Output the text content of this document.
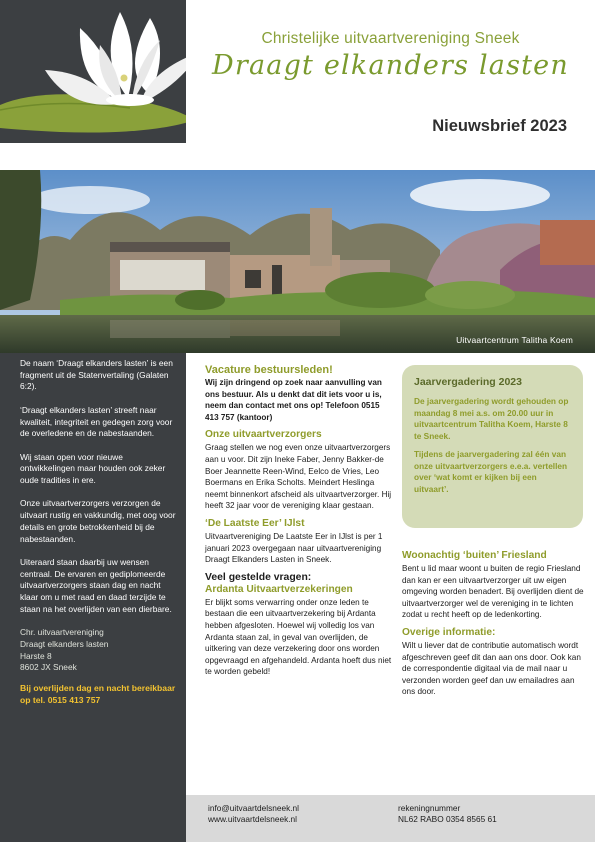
Christelijke uitvaartvereniging Sneek
Draagt elkanders lasten
Nieuwsbrief 2023
Uitvaartcentrum Talitha Koem

De naam ‘Draagt elkanders lasten’ is een fragment uit de Statenvertaling (Galaten 6:2).

‘Draagt elkanders lasten’ streeft naar kwaliteit, integriteit en gedegen zorg voor de overledene en de nabestaanden.

Wij staan open voor nieuwe ontwikkelingen maar houden ook zeker oude tradities in ere.

Onze uitvaartverzorgers verzorgen de uitvaart rustig en vakkundig, met oog voor details en grote betrokkenheid bij de nabestaanden.

Uiteraard staan daarbij uw wensen centraal. De ervaren en gediplomeerde uitvaartverzorgers staan dag en nacht klaar om u met raad en daad terzijde te staan na het overlijden van een dierbare.

Chr. uitvaartvereniging
Draagt elkanders lasten
Harste 8
8602 JX Sneek
Bij overlijden dag en nacht bereikbaar op tel. 0515 413 757
Vacature bestuursleden!
Wij zijn dringend op zoek naar aanvulling van ons bestuur. Als u denkt dat dit iets voor u is, neem dan contact met ons op! Telefoon 0515 413 757 (kantoor)
Onze uitvaartverzorgers
Graag stellen we nog even onze uitvaartverzorgers aan u voor. Dit zijn Ineke Faber, Jenny Bakker-de Boer Jeannette Reen-Wind, Eelco de Vries, Leo Boermans en Erika Scholts. Meindert Heslinga neemt binnenkort afscheid als uitvaartverzorger. Hij heeft 32 jaar voor de vereniging klaar gestaan.
‘De Laatste Eer’ IJlst
Uitvaartvereniging De Laatste Eer in IJlst is per 1 januari 2023 overgegaan naar uitvaartvereniging Draagt Elkanders Lasten in Sneek.
Veel gestelde vragen:
Ardanta Uitvaartverzekeringen
Er blijkt soms verwarring onder onze leden te bestaan die een uitvaartverzekering bij Ardanta hebben afgesloten. Hoewel wij volledig los van Ardanta staan zal, in geval van overlijden, de uitkering van deze verzekering door ons worden opgevraagd en afgehandeld. Ardanta hoeft dus niet te worden gebeld!
Jaarvergadering 2023
De jaarvergadering wordt gehouden op maandag 8 mei a.s. om 20.00 uur in uitvaartcentrum Talitha Koem, Harste 8 te Sneek.
Tijdens de jaarvergadering zal één van onze uitvaartverzorgers e.e.a. vertellen over ‘wat komt er kijken bij een uitvaart’.
Woonachtig ‘buiten’ Friesland
Bent u lid maar woont u buiten de regio Friesland dan kan er een uitvaartverzorger uit uw eigen omgeving worden benadert. Bij overlijden dient de uitvaartverzorger wel de vereniging in te lichten zodat u recht heeft op de ledenkorting.
Overige informatie:
Wilt u liever dat de contributie automatisch wordt afgeschreven geef dit dan aan ons door. Ook kan de correspondentie digitaal via de mail naar u verzonden worden geef dan uw emailadres aan ons door.
info@uitvaartdelsneek.nl
www.uitvaartdelsneek.nl
rekeningnummer
NL62 RABO 0354 8565 61
